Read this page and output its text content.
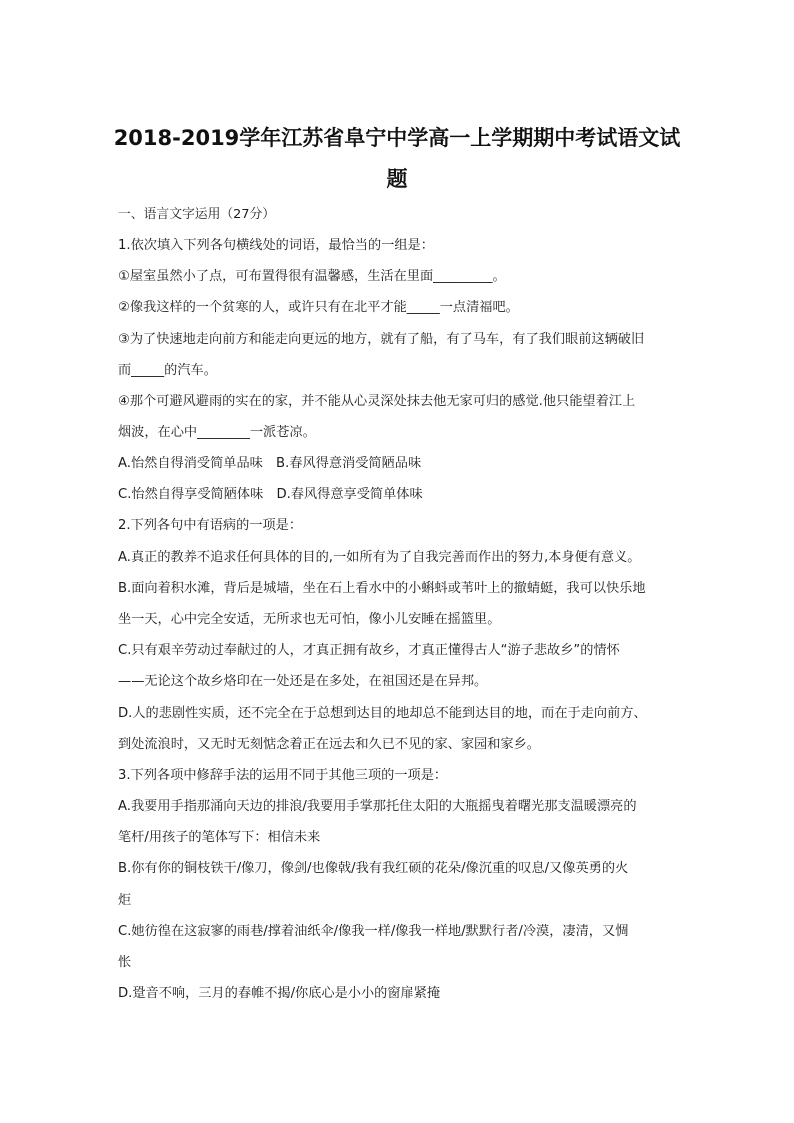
2018-2019学年江苏省阜宁中学高一上学期期中考试语文试
题
一、语言文字运用（27分）
1.依次填入下列各句横线处的词语，最恰当的一组是：
①屋室虽然小了点，可布置得很有温馨感，生活在里面_________。
②像我这样的一个贫寒的人，或许只有在北平才能_____一点清福吧。
③为了快速地走向前方和能走向更远的地方，就有了船，有了马车，有了我们眼前这辆破旧
而_____的汽车。
④那个可避风避雨的实在的家，并不能从心灵深处抹去他无家可归的感觉.他只能望着江上
烟波，在心中________一派苍凉。
A.怡然自得消受简单品味　B.春风得意消受简陋品味
C.怡然自得享受简陋体味　D.春风得意享受简单体味
2.下列各句中有语病的一项是：
A.真正的教养不追求任何具体的目的,一如所有为了自我完善而作出的努力,本身便有意义。
B.面向着积水滩，背后是城墙，坐在石上看水中的小蝌蚪或苇叶上的撤蜻蜓，我可以快乐地
坐一天，心中完全安适，无所求也无可怕，像小儿安睡在摇篮里。
C.只有艰辛劳动过奉献过的人，才真正拥有故乡，才真正懂得古人“游子悲故乡”的情怀
——无论这个故乡烙印在一处还是在多处，在祖国还是在异邦。
D.人的悲剧性实质，还不完全在于总想到达目的地却总不能到达目的地，而在于走向前方、
到处流浪时，又无时无刻惦念着正在远去和久已不见的家、家园和家乡。
3.下列各项中修辞手法的运用不同于其他三项的一项是：
A.我要用手指那涌向天边的排浪/我要用手掌那托住太阳的大瓶摇曳着曙光那支温暖漂亮的
笔杆/用孩子的笔体写下：相信未来
B.你有你的铜枝铁干/像刀，像剑/也像戟/我有我红硕的花朵/像沉重的叹息/又像英勇的火
炬
C.她彷徨在这寂寥的雨巷/撑着油纸伞/像我一样/像我一样地/默默行者/冷漠，凄清，又惆
怅
D.跫音不响，三月的春帷不揭/你底心是小小的窗扉紧掩
